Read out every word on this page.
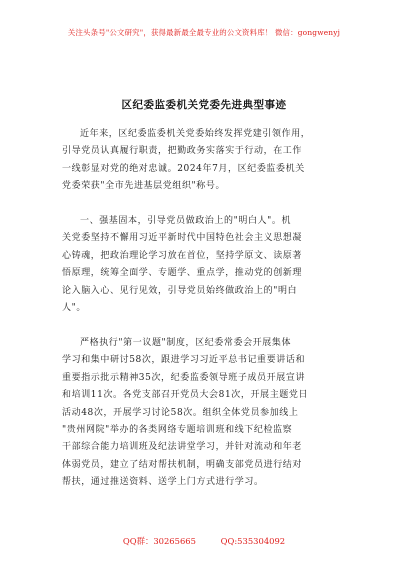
关注头条号"公文研究"，获得最新最全最专业的公文资料库！ 微信：gongwenyj
区纪委监委机关党委先进典型事迹
近年来，区纪委监委机关党委始终发挥党建引领作用，
引导党员认真履行职责，把勤政务实落实于行动，在工作
一线彰显对党的绝对忠诚。2024年7月，区纪委监委机关
党委荣获"全市先进基层党组织"称号。
一、强基固本，引导党员做政治上的"明白人"。机
关党委坚持不懈用习近平新时代中国特色社会主义思想凝
心铸魂，把政治理论学习放在首位，坚持学原文、读原著
悟原理，统筹全面学、专题学、重点学，推动党的创新理
论入脑入心、见行见效，引导党员始终做政治上的"明白
人"。
严格执行"第一议题"制度，区纪委常委会开展集体
学习和集中研讨58次，跟进学习习近平总书记重要讲话和
重要指示批示精神35次，纪委监委领导班子成员开展宣讲
和培训11次。各党支部召开党员大会81次，开展主题党日
活动48次，开展学习讨论58次。组织全体党员参加线上
"贵州网院"举办的各类网络专题培训班和线下纪检监察
干部综合能力培训班及纪法讲堂学习，并针对流动和年老
体弱党员，建立了结对帮扶机制，明确支部党员进行结对
帮扶，通过推送资料、送学上门方式进行学习。
QQ群：30265665	QQ:535304092
